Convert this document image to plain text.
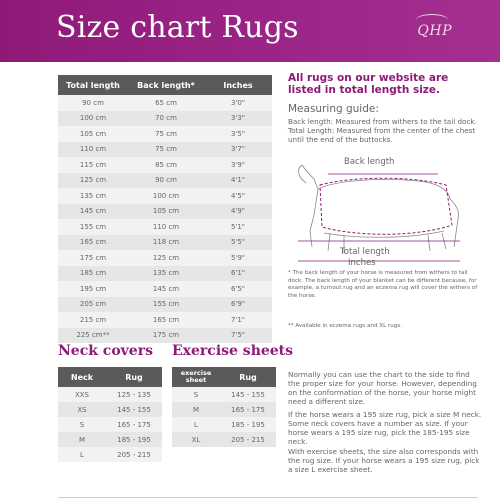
Size chart Rugs	QHP
Total length	Back length*	Inches
90 cm	65 cm	3'0"
100 cm	70 cm	3'3"
105 cm	75 cm	3'5"
110 cm	75 cm	3'7"
115 cm	85 cm	3'9"
125 cm	90 cm	4'1"
135 cm	100 cm	4'5"
145 cm	105 cm	4'9"
155 cm	110 cm	5'1"
165 cm	118 cm	5'5"
175 cm	125 cm	5'9"
185 cm	135 cm	6'1"
195 cm	145 cm	6'5"
205 cm	155 cm	6'9"
215 cm	165 cm	7'1"
225 cm**	175 cm	7'5"
Neck covers Exercise sheets
Neck	Rug
XXS	125 - 135
XS	145 - 155
S	165 - 175
M	185 - 195
L	205 - 215
exercise sheet	Rug
S	145 - 155
M	165 - 175
L	185 - 195
XL	205 - 215
All rugs on our website are listed in total length size.
Measuring guide:
Back length: Measured from withers to the tail dock.
Total Length: Measured from the center of the chest until the end of the buttocks.
Back length
Total length
Inches
* The back length of your horse is measured from withers to tail dock. The back length of your blanket can be different because, for example, a turnout rug and an eczema rug will cover the withers of the horse.
** Available in eczema rugs and XL rugs.
Normally you can use the chart to the side to find the proper size for your horse. However, depending on the conformation of the horse, your horse might need a different size.
If the horse wears a 195 size rug, pick a size M neck. Some neck covers have a number as size. If your horse wears a 195 size rug, pick the 185-195 size neck.
With exercise sheets, the size also corresponds with the rug size. If your horse wears a 195 size rug, pick a size L exercise sheet.
